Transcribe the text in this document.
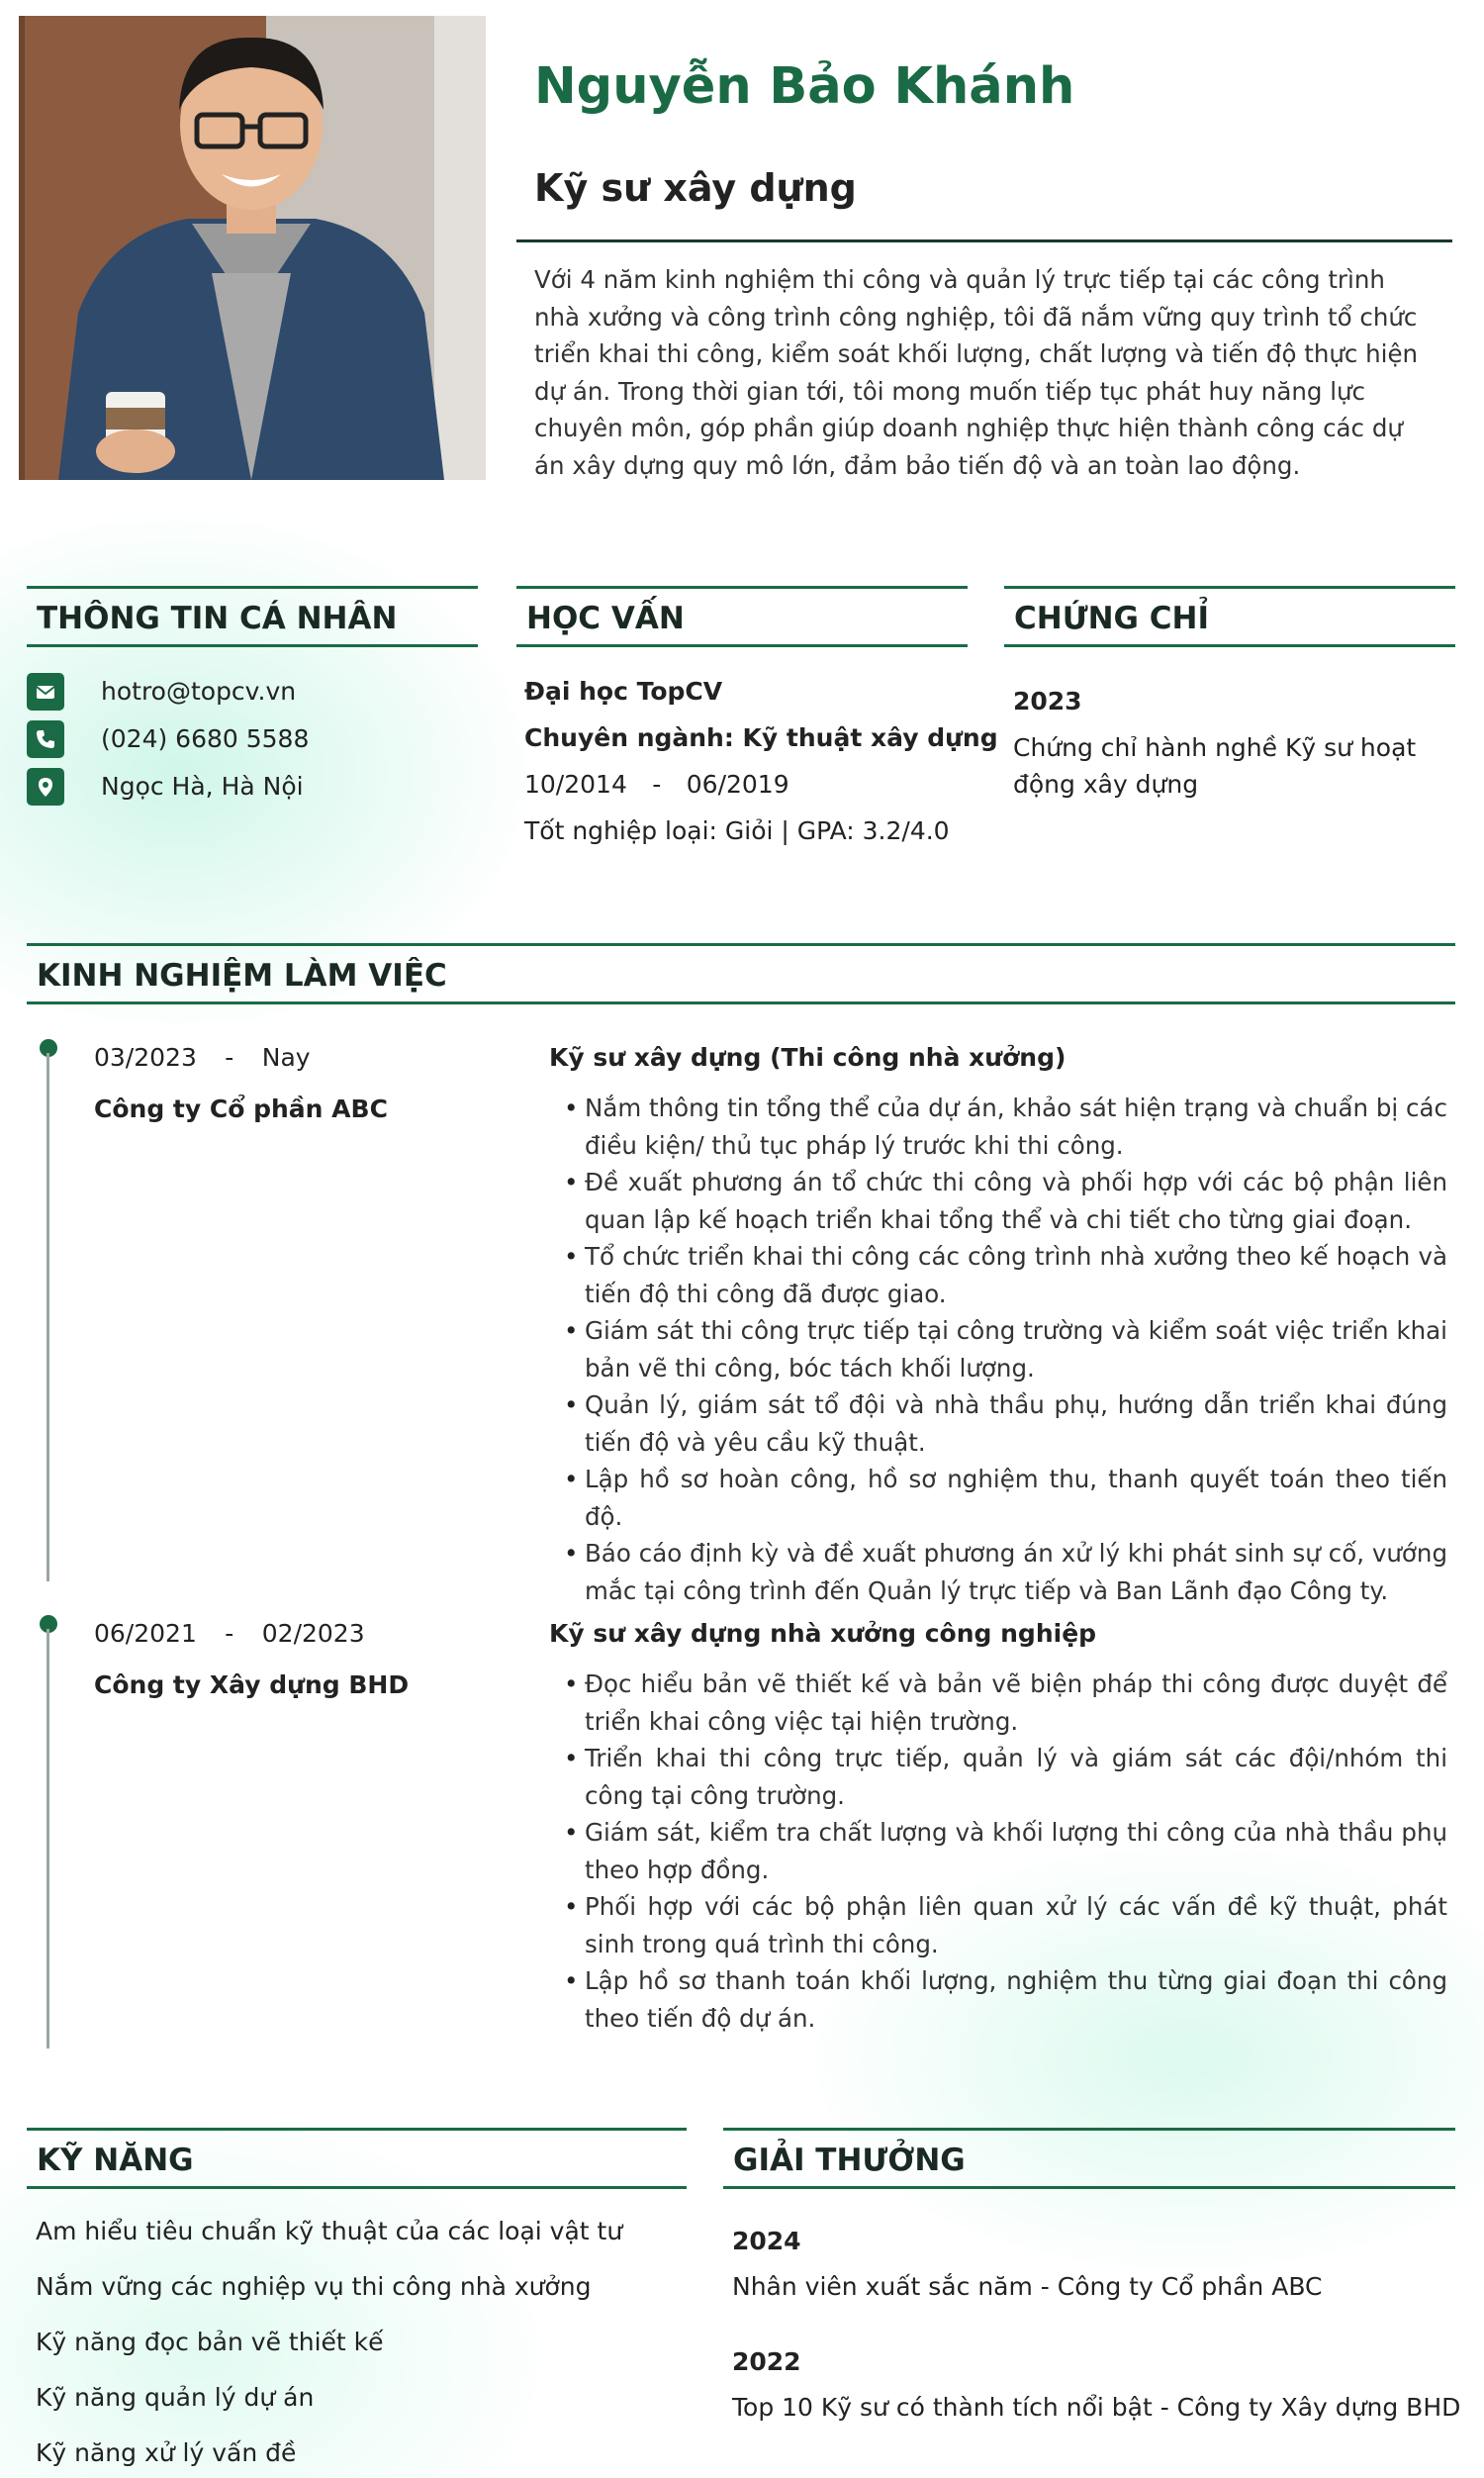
Nguyễn Bảo Khánh
Kỹ sư xây dựng
Với 4 năm kinh nghiệm thi công và quản lý trực tiếp tại các công trình nhà xưởng và công trình công nghiệp, tôi đã nắm vững quy trình tổ chức triển khai thi công, kiểm soát khối lượng, chất lượng và tiến độ thực hiện dự án. Trong thời gian tới, tôi mong muốn tiếp tục phát huy năng lực chuyên môn, góp phần giúp doanh nghiệp thực hiện thành công các dự án xây dựng quy mô lớn, đảm bảo tiến độ và an toàn lao động.
THÔNG TIN CÁ NHÂN
hotro@topcv.vn
(024) 6680 5588
Ngọc Hà, Hà Nội
HỌC VẤN
Đại học TopCV
Chuyên ngành: Kỹ thuật xây dựng
10/2014 - 06/2019
Tốt nghiệp loại: Giỏi | GPA: 3.2/4.0
CHỨNG CHỈ
2023
Chứng chỉ hành nghề Kỹ sư hoạt
động xây dựng
KINH NGHIỆM LÀM VIỆC
03/2023 - Nay
Công ty Cổ phần ABC
Kỹ sư xây dựng (Thi công nhà xưởng)
• Nắm thông tin tổng thể của dự án, khảo sát hiện trạng và chuẩn bị các điều kiện/ thủ tục pháp lý trước khi thi công.
• Đề xuất phương án tổ chức thi công và phối hợp với các bộ phận liên quan lập kế hoạch triển khai tổng thể và chi tiết cho từng giai đoạn.
• Tổ chức triển khai thi công các công trình nhà xưởng theo kế hoạch và tiến độ thi công đã được giao.
• Giám sát thi công trực tiếp tại công trường và kiểm soát việc triển khai bản vẽ thi công, bóc tách khối lượng.
• Quản lý, giám sát tổ đội và nhà thầu phụ, hướng dẫn triển khai đúng tiến độ và yêu cầu kỹ thuật.
• Lập hồ sơ hoàn công, hồ sơ nghiệm thu, thanh quyết toán theo tiến độ.
• Báo cáo định kỳ và đề xuất phương án xử lý khi phát sinh sự cố, vướng mắc tại công trình đến Quản lý trực tiếp và Ban Lãnh đạo Công ty.
06/2021 - 02/2023
Công ty Xây dựng BHD
Kỹ sư xây dựng nhà xưởng công nghiệp
• Đọc hiểu bản vẽ thiết kế và bản vẽ biện pháp thi công được duyệt để triển khai công việc tại hiện trường.
• Triển khai thi công trực tiếp, quản lý và giám sát các đội/nhóm thi công tại công trường.
• Giám sát, kiểm tra chất lượng và khối lượng thi công của nhà thầu phụ theo hợp đồng.
• Phối hợp với các bộ phận liên quan xử lý các vấn đề kỹ thuật, phát sinh trong quá trình thi công.
• Lập hồ sơ thanh toán khối lượng, nghiệm thu từng giai đoạn thi công theo tiến độ dự án.
KỸ NĂNG
Am hiểu tiêu chuẩn kỹ thuật của các loại vật tư
Nắm vững các nghiệp vụ thi công nhà xưởng
Kỹ năng đọc bản vẽ thiết kế
Kỹ năng quản lý dự án
Kỹ năng xử lý vấn đề
GIẢI THƯỞNG
2024
Nhân viên xuất sắc năm - Công ty Cổ phần ABC
2022
Top 10 Kỹ sư có thành tích nổi bật - Công ty Xây dựng BHD
